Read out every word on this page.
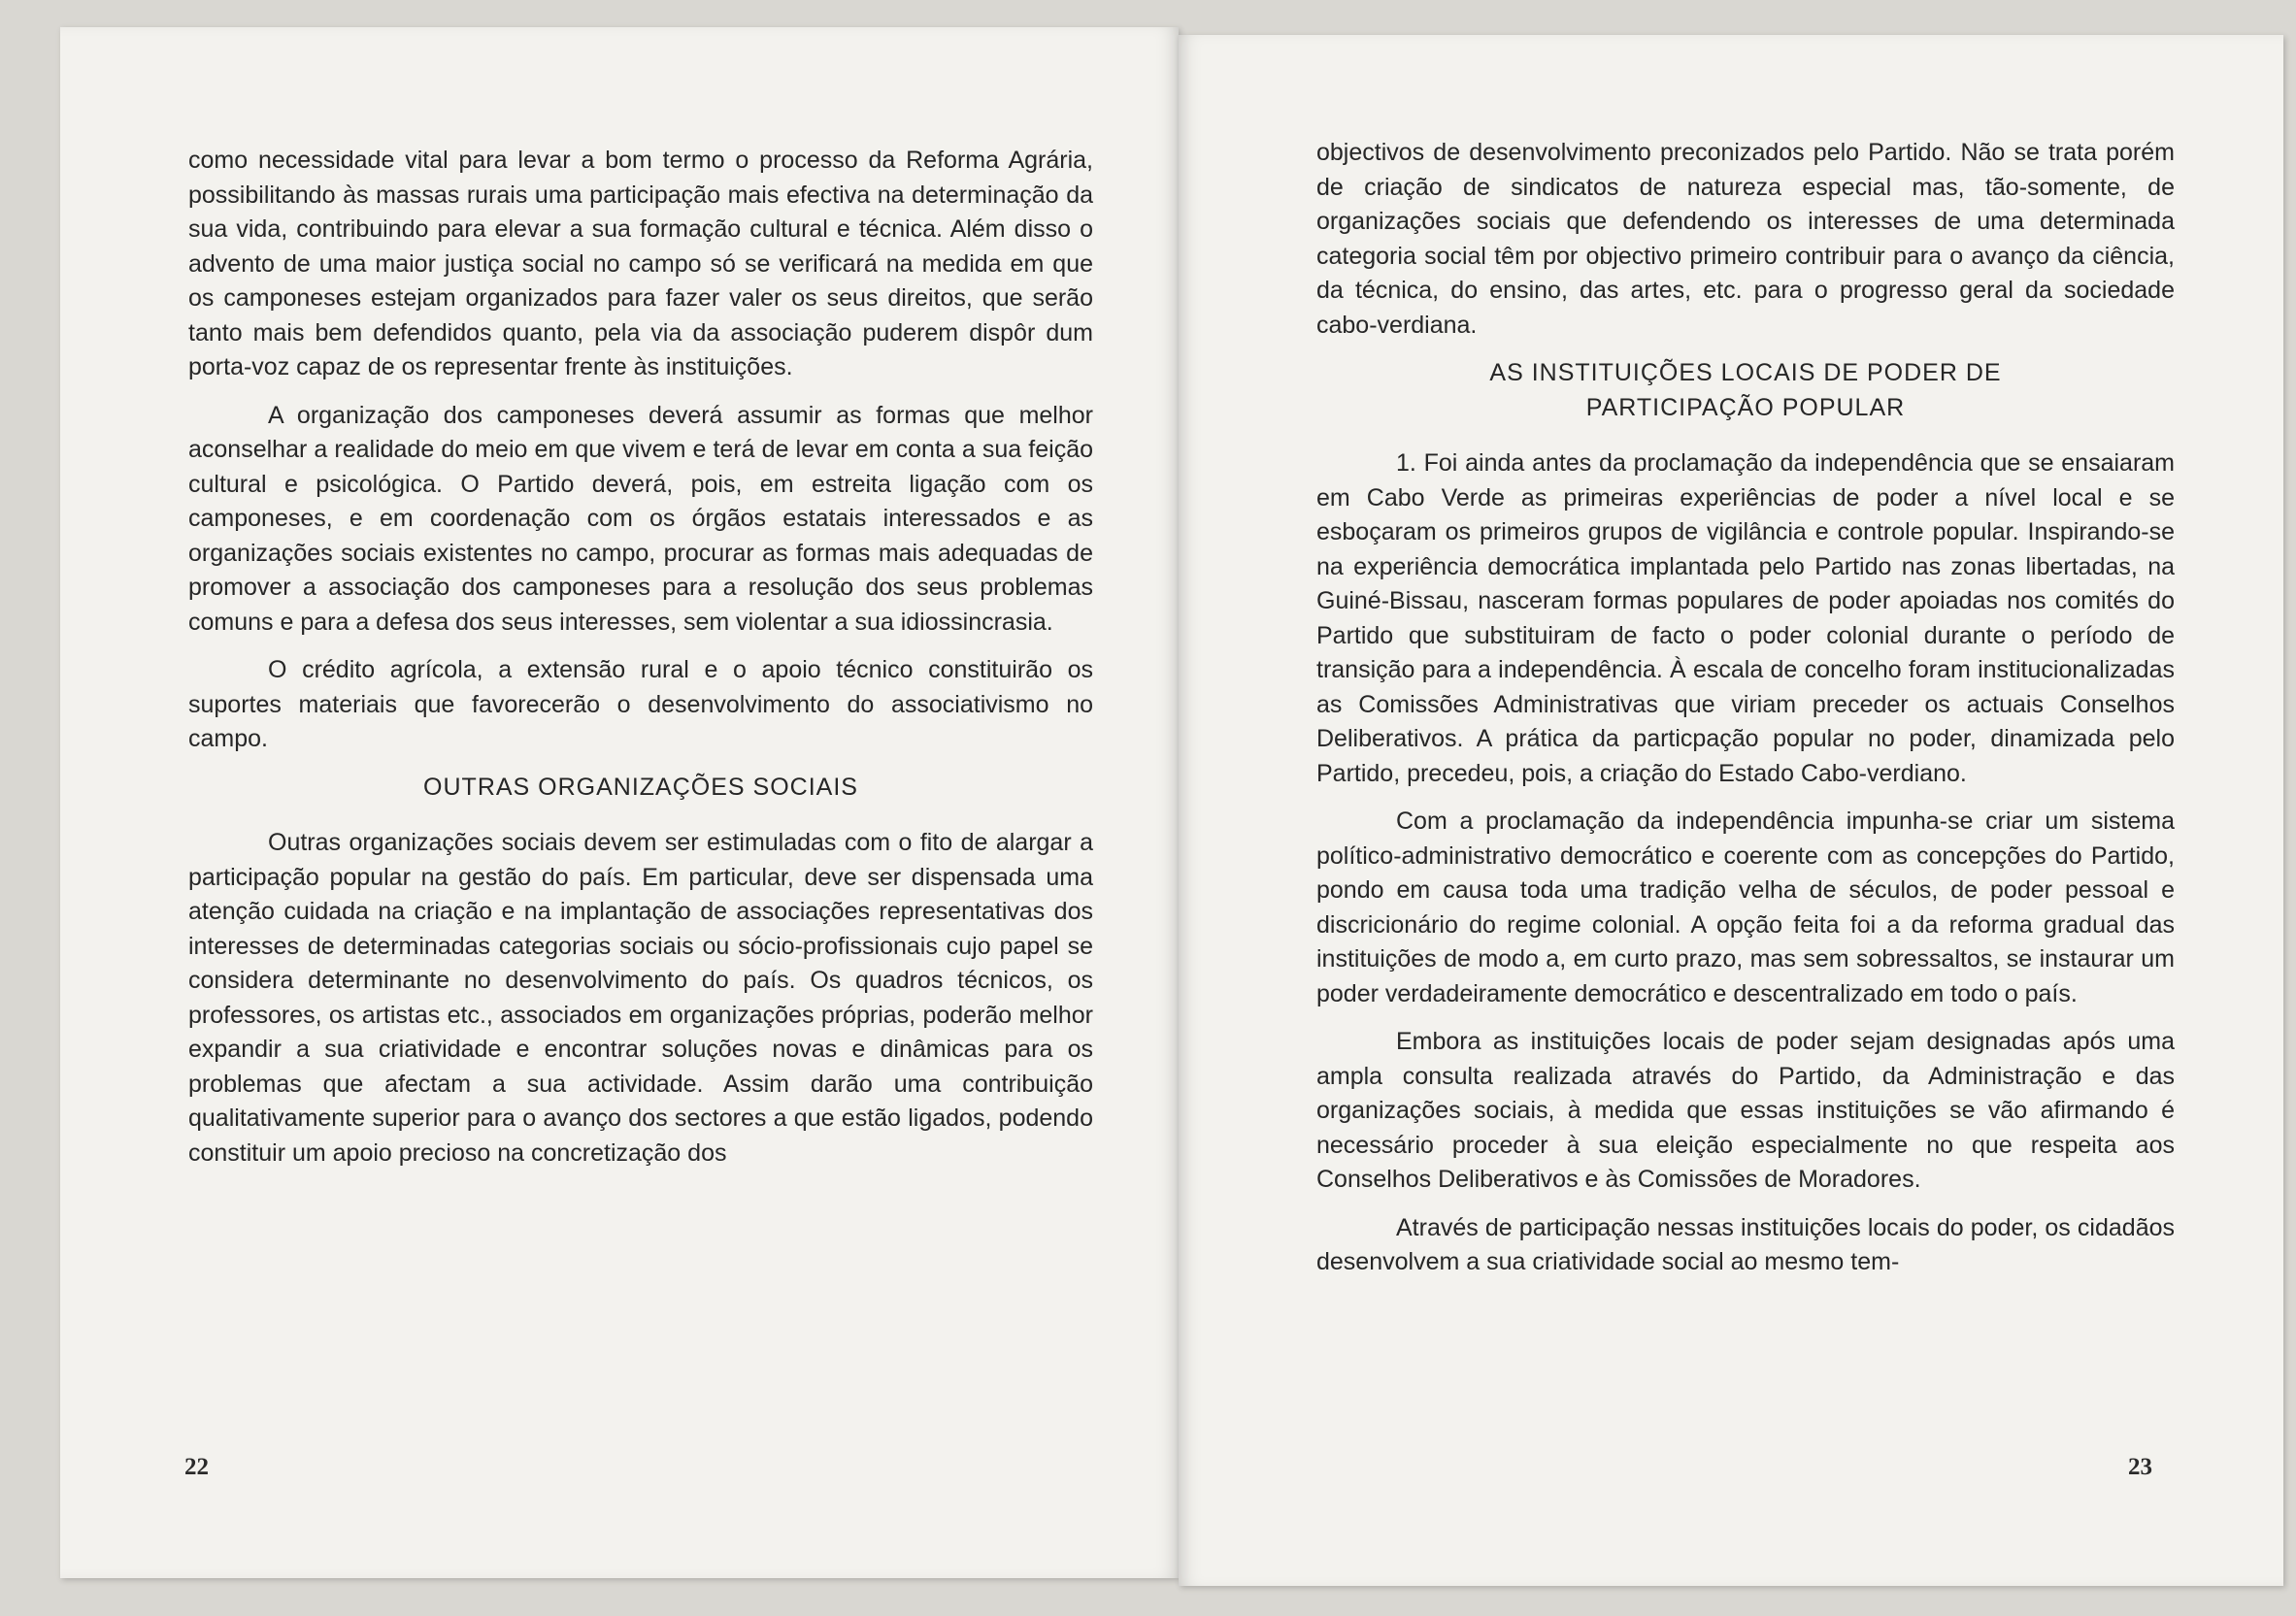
como necessidade vital para levar a bom termo o processo da Reforma Agrária, possibilitando às massas rurais uma participação mais efectiva na determinação da sua vida, contribuindo para elevar a sua formação cultural e técnica. Além disso o advento de uma maior justiça social no campo só se verificará na medida em que os camponeses estejam organizados para fazer valer os seus direitos, que serão tanto mais bem defendidos quanto, pela via da associação puderem dispôr dum porta-voz capaz de os representar frente às instituições.

A organização dos camponeses deverá assumir as formas que melhor aconselhar a realidade do meio em que vivem e terá de levar em conta a sua feição cultural e psicológica. O Partido deverá, pois, em estreita ligação com os camponeses, e em coordenação com os órgãos estatais interessados e as organizações sociais existentes no campo, procurar as formas mais adequadas de promover a associação dos camponeses para a resolução dos seus problemas comuns e para a defesa dos seus interesses, sem violentar a sua idiossincrasia.

O crédito agrícola, a extensão rural e o apoio técnico constituirão os suportes materiais que favorecerão o desenvolvimento do associativismo no campo.

OUTRAS ORGANIZAÇÕES SOCIAIS

Outras organizações sociais devem ser estimuladas com o fito de alargar a participação popular na gestão do país. Em particular, deve ser dispensada uma atenção cuidada na criação e na implantação de associações representativas dos interesses de determinadas categorias sociais ou sócio-profissionais cujo papel se considera determinante no desenvolvimento do país. Os quadros técnicos, os professores, os artistas etc., associados em organizações próprias, poderão melhor expandir a sua criatividade e encontrar soluções novas e dinâmicas para os problemas que afectam a sua actividade. Assim darão uma contribuição qualitativamente superior para o avanço dos sectores a que estão ligados, podendo constituir um apoio precioso na concretização dos

22

objectivos de desenvolvimento preconizados pelo Partido. Não se trata porém de criação de sindicatos de natureza especial mas, tão-somente, de organizações sociais que defendendo os interesses de uma determinada categoria social têm por objectivo primeiro contribuir para o avanço da ciência, da técnica, do ensino, das artes, etc. para o progresso geral da sociedade cabo-verdiana.

AS INSTITUIÇÕES LOCAIS DE PODER DE
PARTICIPAÇÃO POPULAR

1. Foi ainda antes da proclamação da independência que se ensaiaram em Cabo Verde as primeiras experiências de poder a nível local e se esboçaram os primeiros grupos de vigilância e controle popular. Inspirando-se na experiência democrática implantada pelo Partido nas zonas libertadas, na Guiné-Bissau, nasceram formas populares de poder apoiadas nos comités do Partido que substituiram de facto o poder colonial durante o período de transição para a independência. À escala de concelho foram institucionalizadas as Comissões Administrativas que viriam preceder os actuais Conselhos Deliberativos. A prática da particpação popular no poder, dinamizada pelo Partido, precedeu, pois, a criação do Estado Cabo-verdiano.

Com a proclamação da independência impunha-se criar um sistema político-administrativo democrático e coerente com as concepções do Partido, pondo em causa toda uma tradição velha de séculos, de poder pessoal e discricionário do regime colonial. A opção feita foi a da reforma gradual das instituições de modo a, em curto prazo, mas sem sobressaltos, se instaurar um poder verdadeiramente democrático e descentralizado em todo o país.

Embora as instituições locais de poder sejam designadas após uma ampla consulta realizada através do Partido, da Administração e das organizações sociais, à medida que essas instituições se vão afirmando é necessário proceder à sua eleição especialmente no que respeita aos Conselhos Deliberativos e às Comissões de Moradores.

Através de participação nessas instituições locais do poder, os cidadãos desenvolvem a sua criatividade social ao mesmo tem-

23
